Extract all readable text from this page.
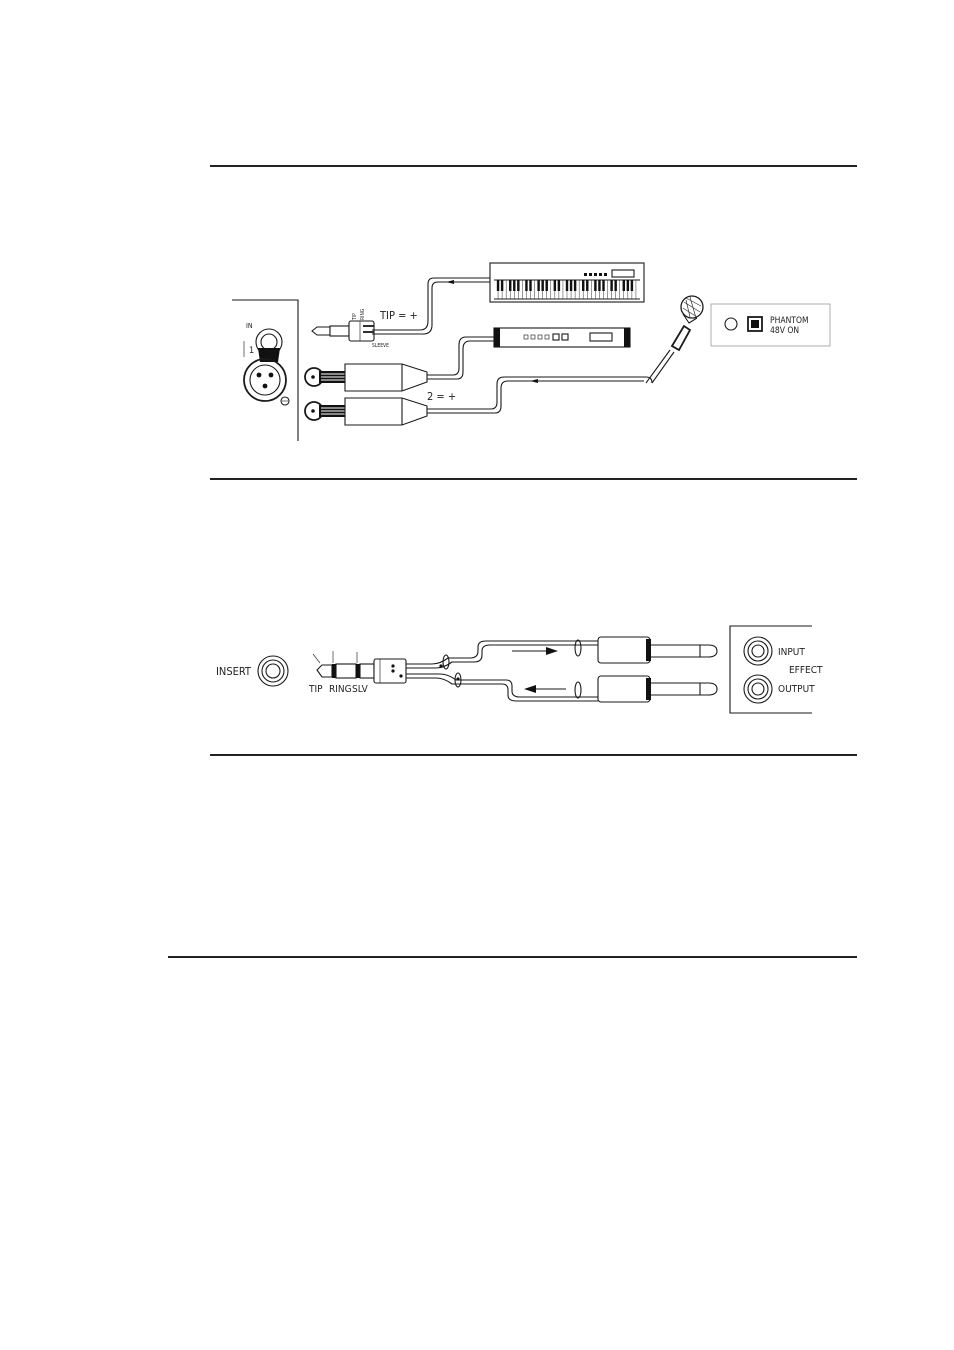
IN
1
PHANTOM
48V ON
TIP RING
SLEEVE
TIP = +
2 = +
INSERT
TIP RING SLV
INPUT
EFFECT
OUTPUT
